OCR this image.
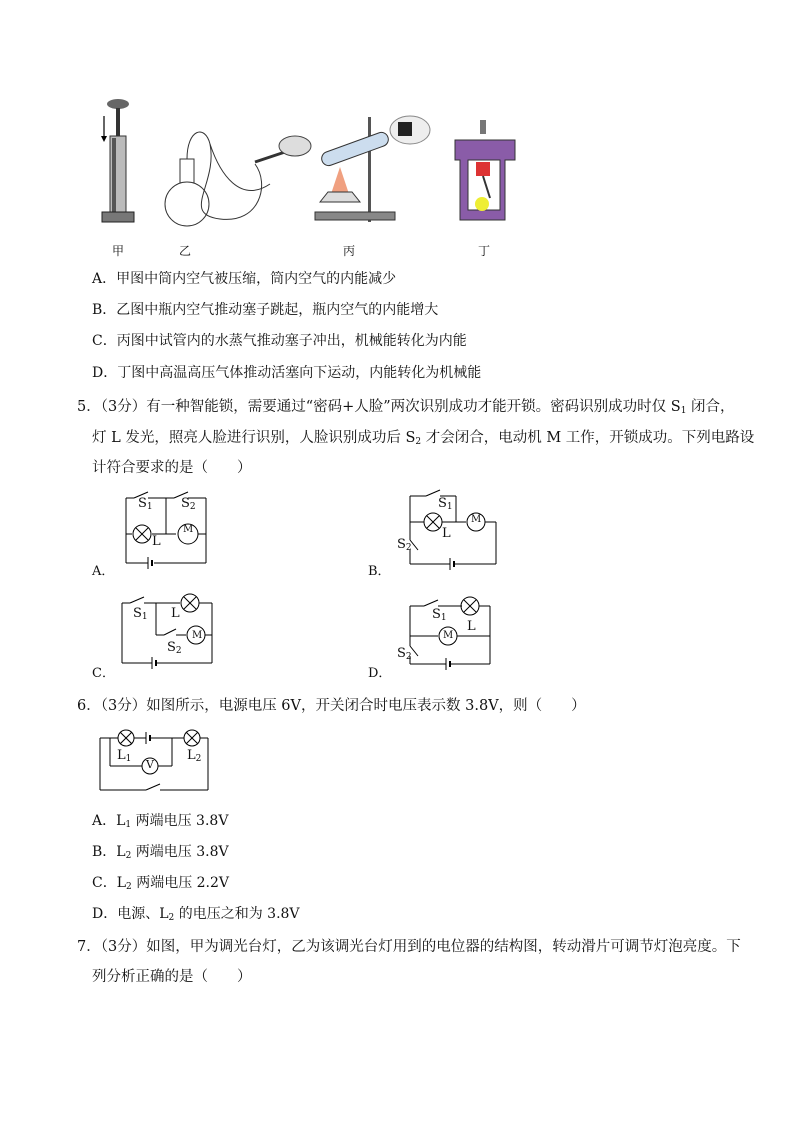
甲	乙	丙	丁
A．甲图中筒内空气被压缩，筒内空气的内能减少
B．乙图中瓶内空气推动塞子跳起，瓶内空气的内能增大
C．丙图中试管内的水蒸气推动塞子冲出，机械能转化为内能
D．丁图中高温高压气体推动活塞向下运动，内能转化为机械能
5．（3分）有一种智能锁，需要通过“密码+人脸”两次识别成功才能开锁。密码识别成功时仅 $S_1$ 闭合，
灯 L 发光，照亮人脸进行识别，人脸识别成功后 $S_2$ 才会闭合，电动机 M 工作，开锁成功。下列电路设
计符合要求的是（　　）
$S_1$ $S_2$
L
M
A．
$S_1$
$S_2$
L
M
B．
$S_1$
$S_2$
L
M
C．
$S_1$
$S_2$
L
M
D．
6．（3分）如图所示，电源电压 6V，开关闭合时电压表示数 3.8V，则（　　）
$L_1$	$L_2$
V
A．$L_1$ 两端电压 3.8V
B．$L_2$ 两端电压 3.8V
C．$L_2$ 两端电压 2.2V
D．电源、$L_2$ 的电压之和为 3.8V
7．（3分）如图，甲为调光台灯，乙为该调光台灯用到的电位器的结构图，转动滑片可调节灯泡亮度。下
列分析正确的是（　　）
